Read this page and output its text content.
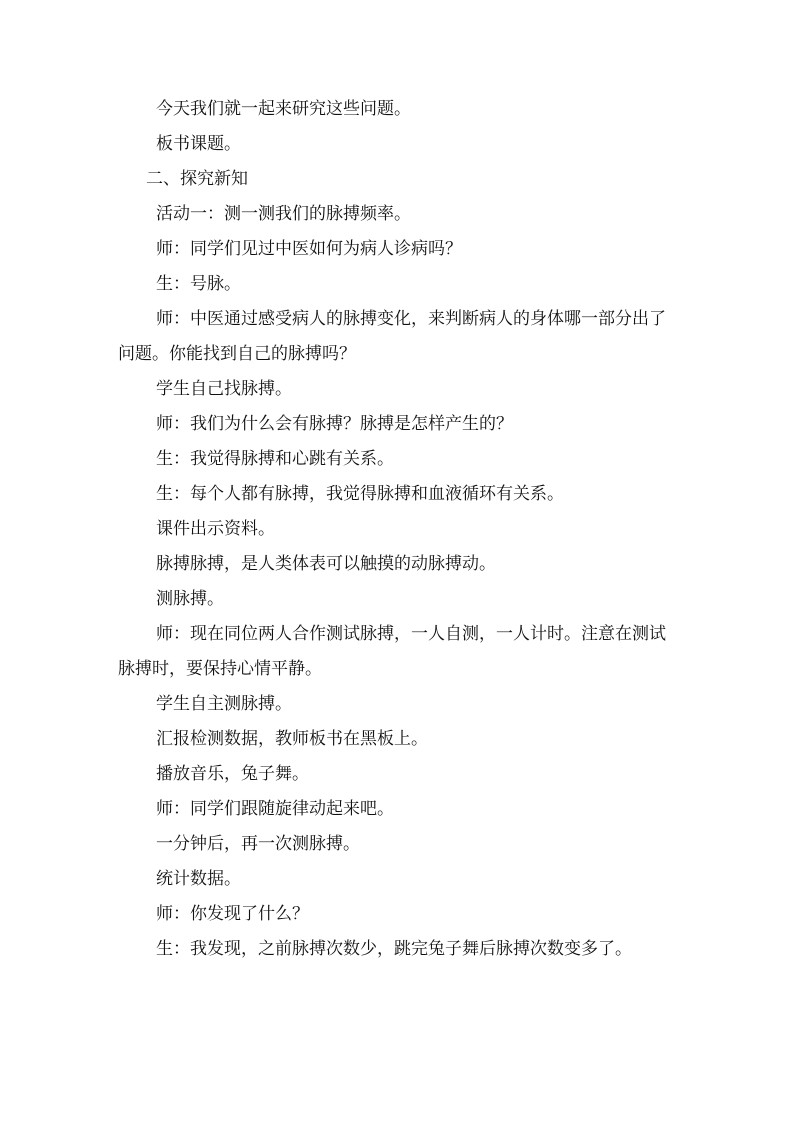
今天我们就一起来研究这些问题。

板书课题。

二、探究新知

活动一：测一测我们的脉搏频率。

师：同学们见过中医如何为病人诊病吗？

生：号脉。

师：中医通过感受病人的脉搏变化，来判断病人的身体哪一部分出了问题。你能找到自己的脉搏吗？

学生自己找脉搏。

师：我们为什么会有脉搏？脉搏是怎样产生的？

生：我觉得脉搏和心跳有关系。

生：每个人都有脉搏，我觉得脉搏和血液循环有关系。

课件出示资料。

脉搏脉搏，是人类体表可以触摸的动脉搏动。

测脉搏。

师：现在同位两人合作测试脉搏，一人自测，一人计时。注意在测试脉搏时，要保持心情平静。

学生自主测脉搏。

汇报检测数据，教师板书在黑板上。

播放音乐，兔子舞。

师：同学们跟随旋律动起来吧。

一分钟后，再一次测脉搏。

统计数据。

师：你发现了什么？

生：我发现，之前脉搏次数少，跳完兔子舞后脉搏次数变多了。
